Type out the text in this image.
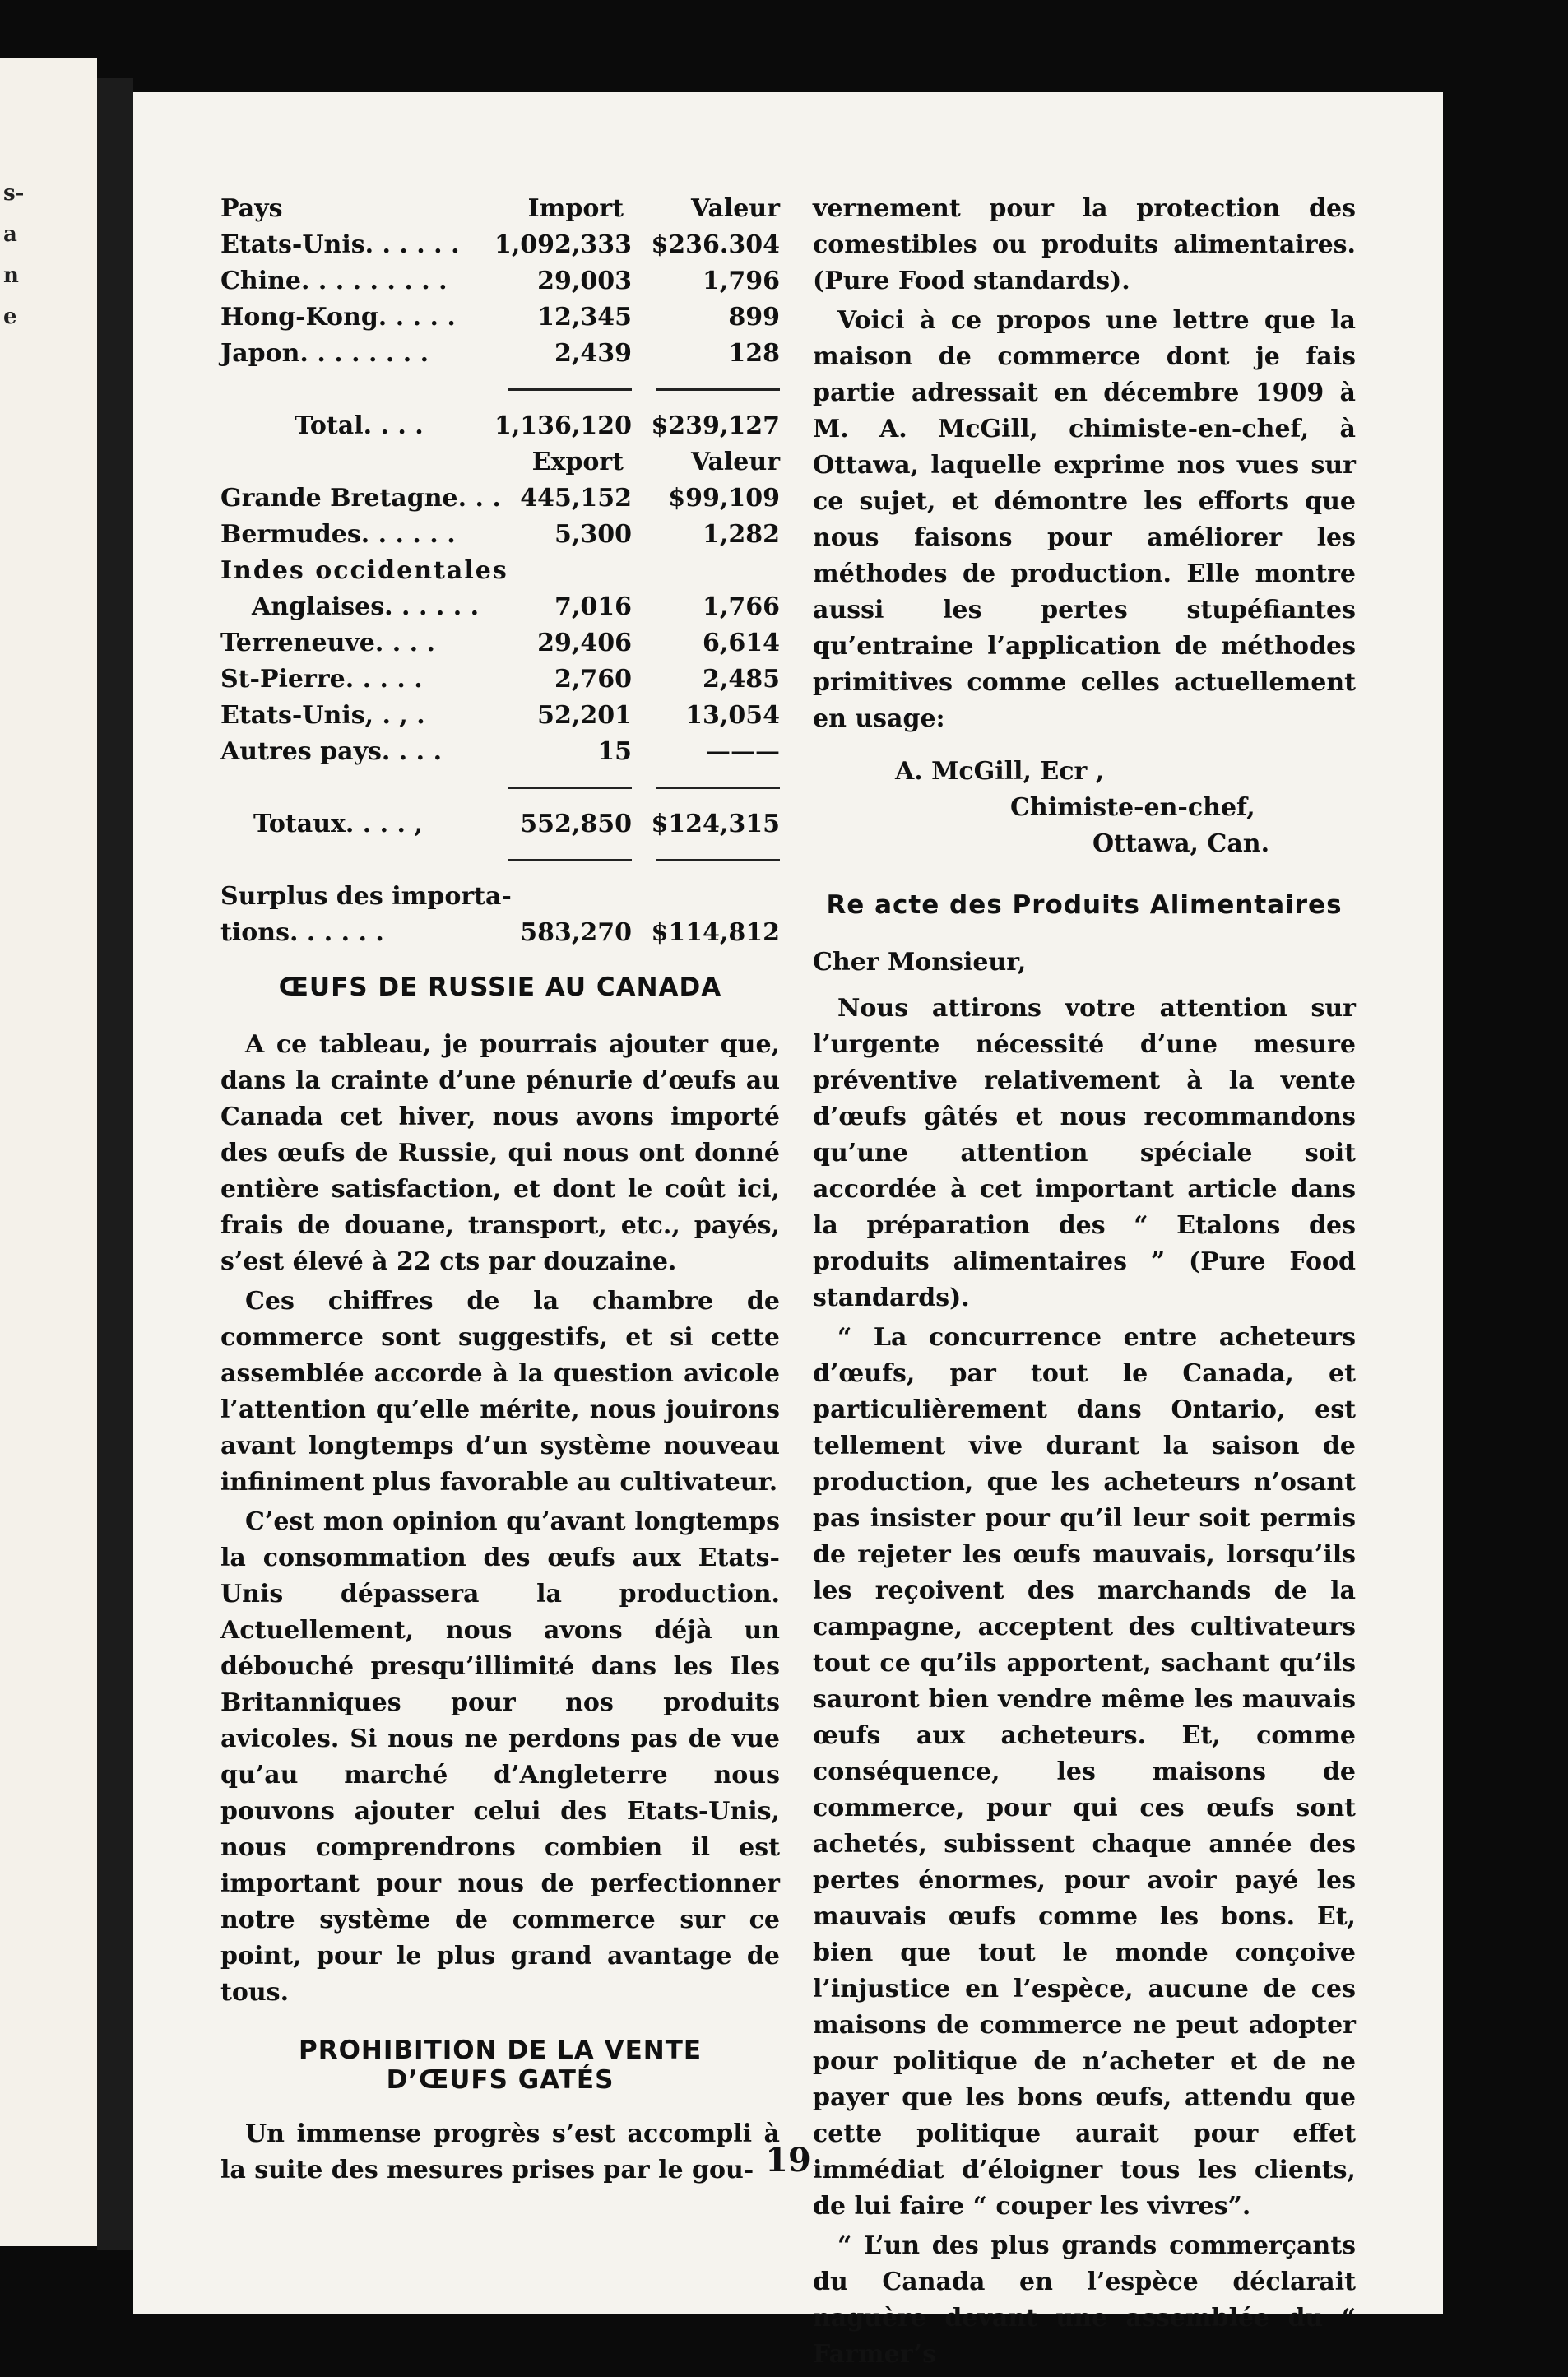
s-
a
n
e
Pays	Import	Valeur
Etats-Unis. . . . . . 1,092,333 $236.304
Chine. . . . . . . . .	29,003	1,796
Hong-Kong. . . . .	12,345	899
Japon. . . . . . . .	2,439	128
Total. . . .	1,136,120 $239,127
Export	Valeur
Grande Bretagne. . . 445,152 $99,109
Bermudes. . . . . .	5,300	1,282
Indes occidentales
Anglaises. . . . . .	7,016	1,766
Terreneuve. . . .	29,406	6,614
St-Pierre. . . . .	2,760	2,485
Etats-Unis, . , .	52,201 13,054
Autres pays. . . .	15	———
Totaux. . . . ,	552,850 $124,315
Surplus des importa-
tions. . . . . .	583,270 $114,812
ŒUFS DE RUSSIE AU CANADA

A ce tableau, je pourrais ajouter que, dans la crainte d’une pénurie d’œufs au Canada cet hiver, nous avons importé des œufs de Russie, qui nous ont donné entière satisfaction, et dont le coût ici, frais de douane, transport, etc., payés, s’est élevé à 22 cts par douzaine.

Ces chiffres de la chambre de commerce sont suggestifs, et si cette assemblée accorde à la question avicole l’attention qu’elle mérite, nous jouirons avant longtemps d’un système nouveau infiniment plus favorable au cultivateur.

C’est mon opinion qu’avant longtemps la consommation des œufs aux Etats-Unis dépassera la production. Actuellement, nous avons déjà un débouché presqu’illimité dans les Iles Britanniques pour nos produits avicoles. Si nous ne perdons pas de vue qu’au marché d’Angleterre nous pouvons ajouter celui des Etats-Unis, nous comprendrons combien il est important pour nous de perfectionner notre système de commerce sur ce point, pour le plus grand avantage de tous.

PROHIBITION DE LA VENTE
D’ŒUFS GATÉS

Un immense progrès s’est accompli à la suite des mesures prises par le gou-

vernement pour la protection des comestibles ou produits alimentaires. (Pure Food standards).

Voici à ce propos une lettre que la maison de commerce dont je fais partie adressait en décembre 1909 à M. A. McGill, chimiste-en-chef, à Ottawa, laquelle exprime nos vues sur ce sujet, et démontre les efforts que nous faisons pour améliorer les méthodes de production. Elle montre aussi les pertes stupéfiantes qu’entraine l’application de méthodes primitives comme celles actuellement en usage:

A. McGill, Ecr ,
Chimiste-en-chef,
Ottawa, Can.
Re acte des Produits Alimentaires
Cher Monsieur,

Nous attirons votre attention sur l’urgente nécessité d’une mesure préventive relativement à la vente d’œufs gâtés et nous recommandons qu’une attention spéciale soit accordée à cet important article dans la préparation des “ Etalons des produits alimentaires ” (Pure Food standards).

“ La concurrence entre acheteurs d’œufs, par tout le Canada, et particulièrement dans Ontario, est tellement vive durant la saison de production, que les acheteurs n’osant pas insister pour qu’il leur soit permis de rejeter les œufs mauvais, lorsqu’ils les reçoivent des marchands de la campagne, acceptent des cultivateurs tout ce qu’ils apportent, sachant qu’ils sauront bien vendre même les mauvais œufs aux acheteurs. Et, comme conséquence, les maisons de commerce, pour qui ces œufs sont achetés, subissent chaque année des pertes énormes, pour avoir payé les mauvais œufs comme les bons. Et, bien que tout le monde conçoive l’injustice en l’espèce, aucune de ces maisons de commerce ne peut adopter pour politique de n’acheter et de ne payer que les bons œufs, attendu que cette politique aurait pour effet immédiat d’éloigner tous les clients, de lui faire “ couper les vivres”.

“ L’un des plus grands commerçants du Canada en l’espèce déclarait naguère devant une assemblée du “ Farmer’s

19
